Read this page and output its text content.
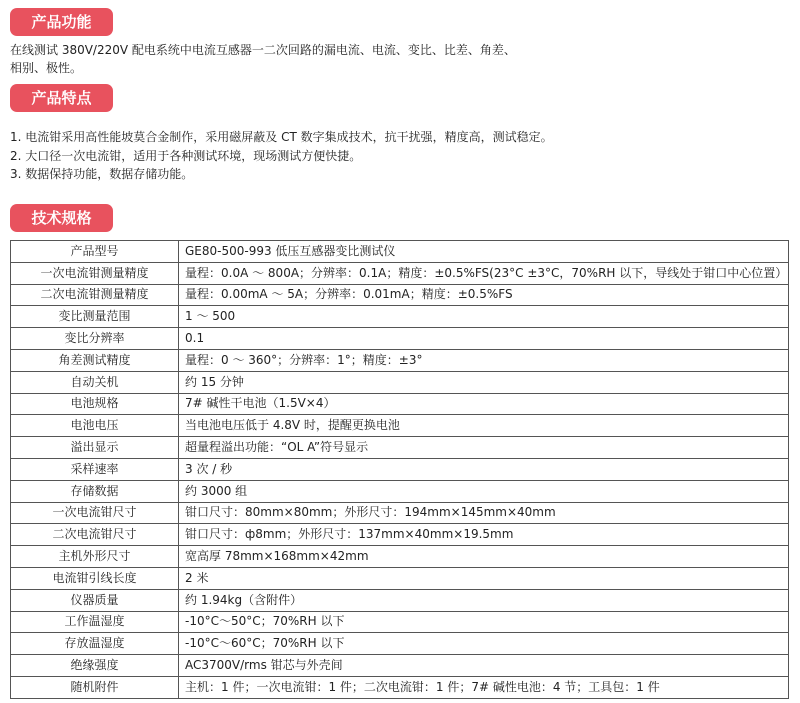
产品功能
在线测试 380V/220V 配电系统中电流互感器一二次回路的漏电流、电流、变比、比差、角差、
相别、极性。
产品特点
1. 电流钳采用高性能坡莫合金制作，采用磁屏蔽及 CT 数字集成技术，抗干扰强，精度高，测试稳定。
2. 大口径一次电流钳，适用于各种测试环境，现场测试方便快捷。
3. 数据保持功能，数据存储功能。
技术规格
产品型号	GE80-500-993 低压互感器变比测试仪
一次电流钳测量精度	量程：0.0A ～ 800A；分辨率：0.1A；精度：±0.5%FS(23°C ±3°C，70%RH 以下，导线处于钳口中心位置）
二次电流钳测量精度	量程：0.00mA ～ 5A；分辨率：0.01mA；精度：±0.5%FS
变比测量范围	1 ～ 500
变比分辨率	0.1
角差测试精度	量程：0 ～ 360°；分辨率：1°；精度：±3°
自动关机	约 15 分钟
电池规格	7# 碱性干电池（1.5V×4）
电池电压	当电池电压低于 4.8V 时，提醒更换电池
溢出显示	超量程溢出功能：“OL A”符号显示
采样速率	3 次 / 秒
存储数据	约 3000 组
一次电流钳尺寸	钳口尺寸：80mm×80mm；外形尺寸：194mm×145mm×40mm
二次电流钳尺寸	钳口尺寸：ф8mm；外形尺寸：137mm×40mm×19.5mm
主机外形尺寸	宽高厚 78mm×168mm×42mm
电流钳引线长度	2 米
仪器质量	约 1.94kg（含附件）
工作温湿度	-10°C～50°C；70%RH 以下
存放温湿度	-10°C～60°C；70%RH 以下
绝缘强度	AC3700V/rms 钳芯与外壳间
随机附件	主机：1 件；一次电流钳：1 件；二次电流钳：1 件；7# 碱性电池：4 节；工具包：1 件
